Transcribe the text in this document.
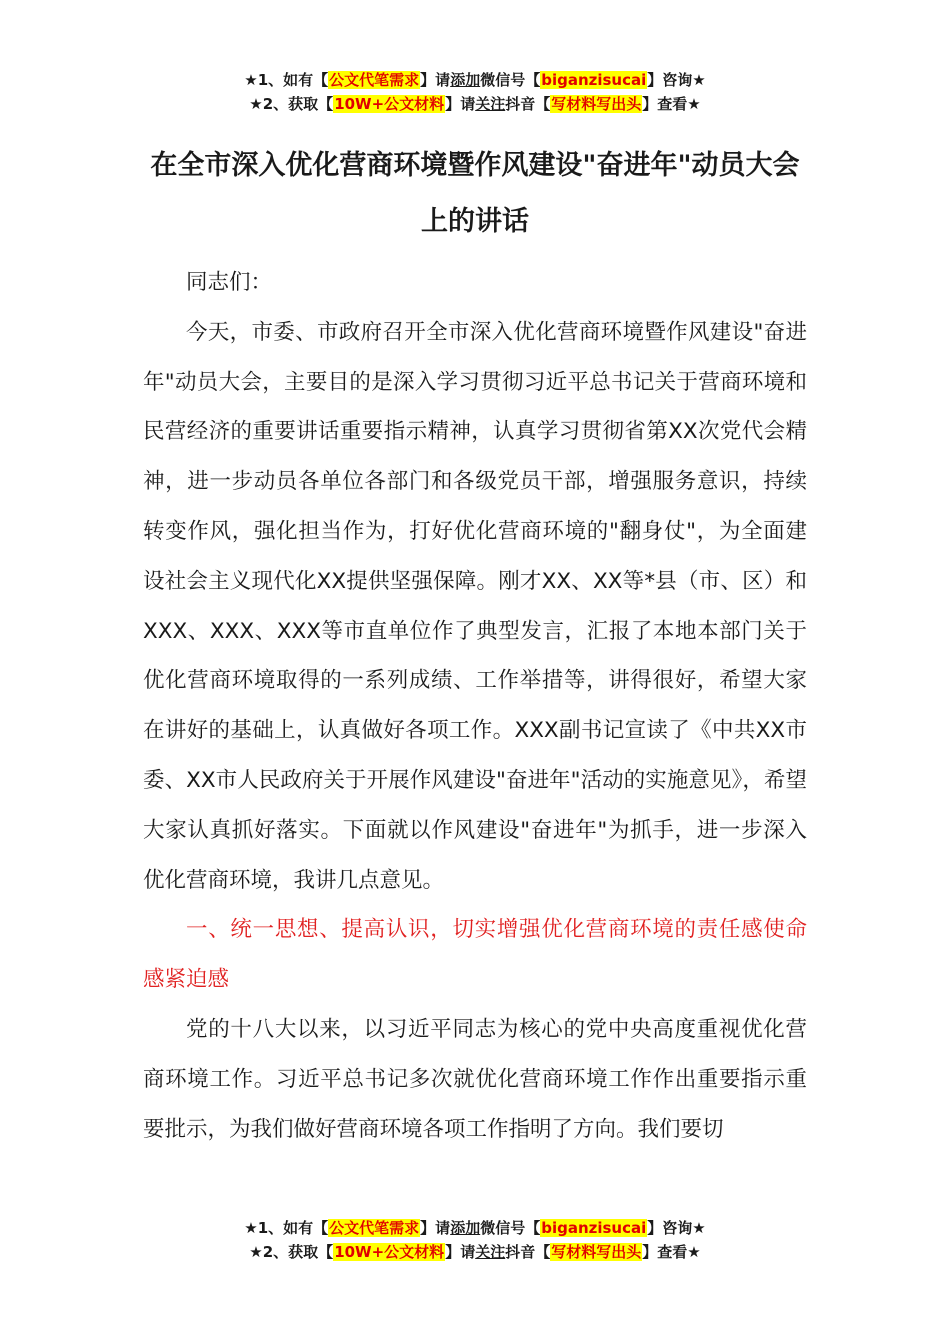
★1、如有【公文代笔需求】请添加微信号【biganzisucai】咨询★
★2、获取【10W+公文材料】请关注抖音【写材料写出头】查看★
在全市深入优化营商环境暨作风建设"奋进年"动员大会上的讲话

同志们：

今天，市委、市政府召开全市深入优化营商环境暨作风建设"奋进年"动员大会，主要目的是深入学习贯彻习近平总书记关于营商环境和民营经济的重要讲话重要指示精神，认真学习贯彻省第XX次党代会精神，进一步动员各单位各部门和各级党员干部，增强服务意识，持续转变作风，强化担当作为，打好优化营商环境的"翻身仗"，为全面建设社会主义现代化XX提供坚强保障。刚才XX、XX等*县（市、区）和XXX、XXX、XXX等市直单位作了典型发言，汇报了本地本部门关于优化营商环境取得的一系列成绩、工作举措等，讲得很好，希望大家在讲好的基础上，认真做好各项工作。XXX副书记宣读了《中共XX市委、XX市人民政府关于开展作风建设"奋进年"活动的实施意见》，希望大家认真抓好落实。下面就以作风建设"奋进年"为抓手，进一步深入优化营商环境，我讲几点意见。

一、统一思想、提高认识，切实增强优化营商环境的责任感使命感紧迫感

党的十八大以来，以习近平同志为核心的党中央高度重视优化营商环境工作。习近平总书记多次就优化营商环境工作作出重要指示重要批示，为我们做好营商环境各项工作指明了方向。我们要切

★1、如有【公文代笔需求】请添加微信号【biganzisucai】咨询★
★2、获取【10W+公文材料】请关注抖音【写材料写出头】查看★
